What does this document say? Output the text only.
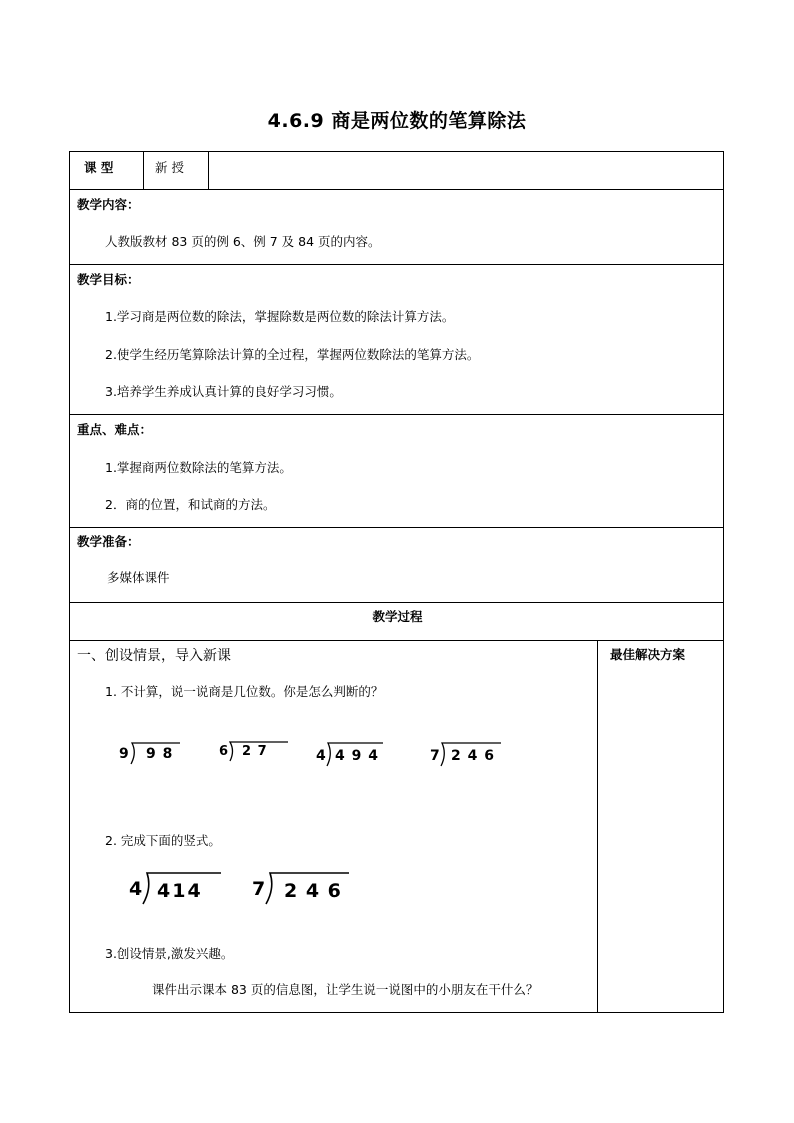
4.6.9 商是两位数的笔算除法
课 型	新 授
教学内容：
人教版教材 83 页的例 6、例 7 及 84 页的内容。
教学目标：
1.学习商是两位数的除法，掌握除数是两位数的除法计算方法。
2.使学生经历笔算除法计算的全过程，掌握两位数除法的笔算方法。
3.培养学生养成认真计算的良好学习习惯。
重点、难点：
1.掌握商两位数除法的笔算方法。
2．商的位置，和试商的方法。
教学准备：
多媒体课件
教学过程
最佳解决方案
一、创设情景，导入新课
1. 不计算，说一说商是几位数。你是怎么判断的？
9 9 8	6 2 7	4 4 9 4	7 2 4 6
2. 完成下面的竖式。
4 414	7 2 4 6
3.创设情景,激发兴趣。
课件出示课本 83 页的信息图，让学生说一说图中的小朋友在干什么？
